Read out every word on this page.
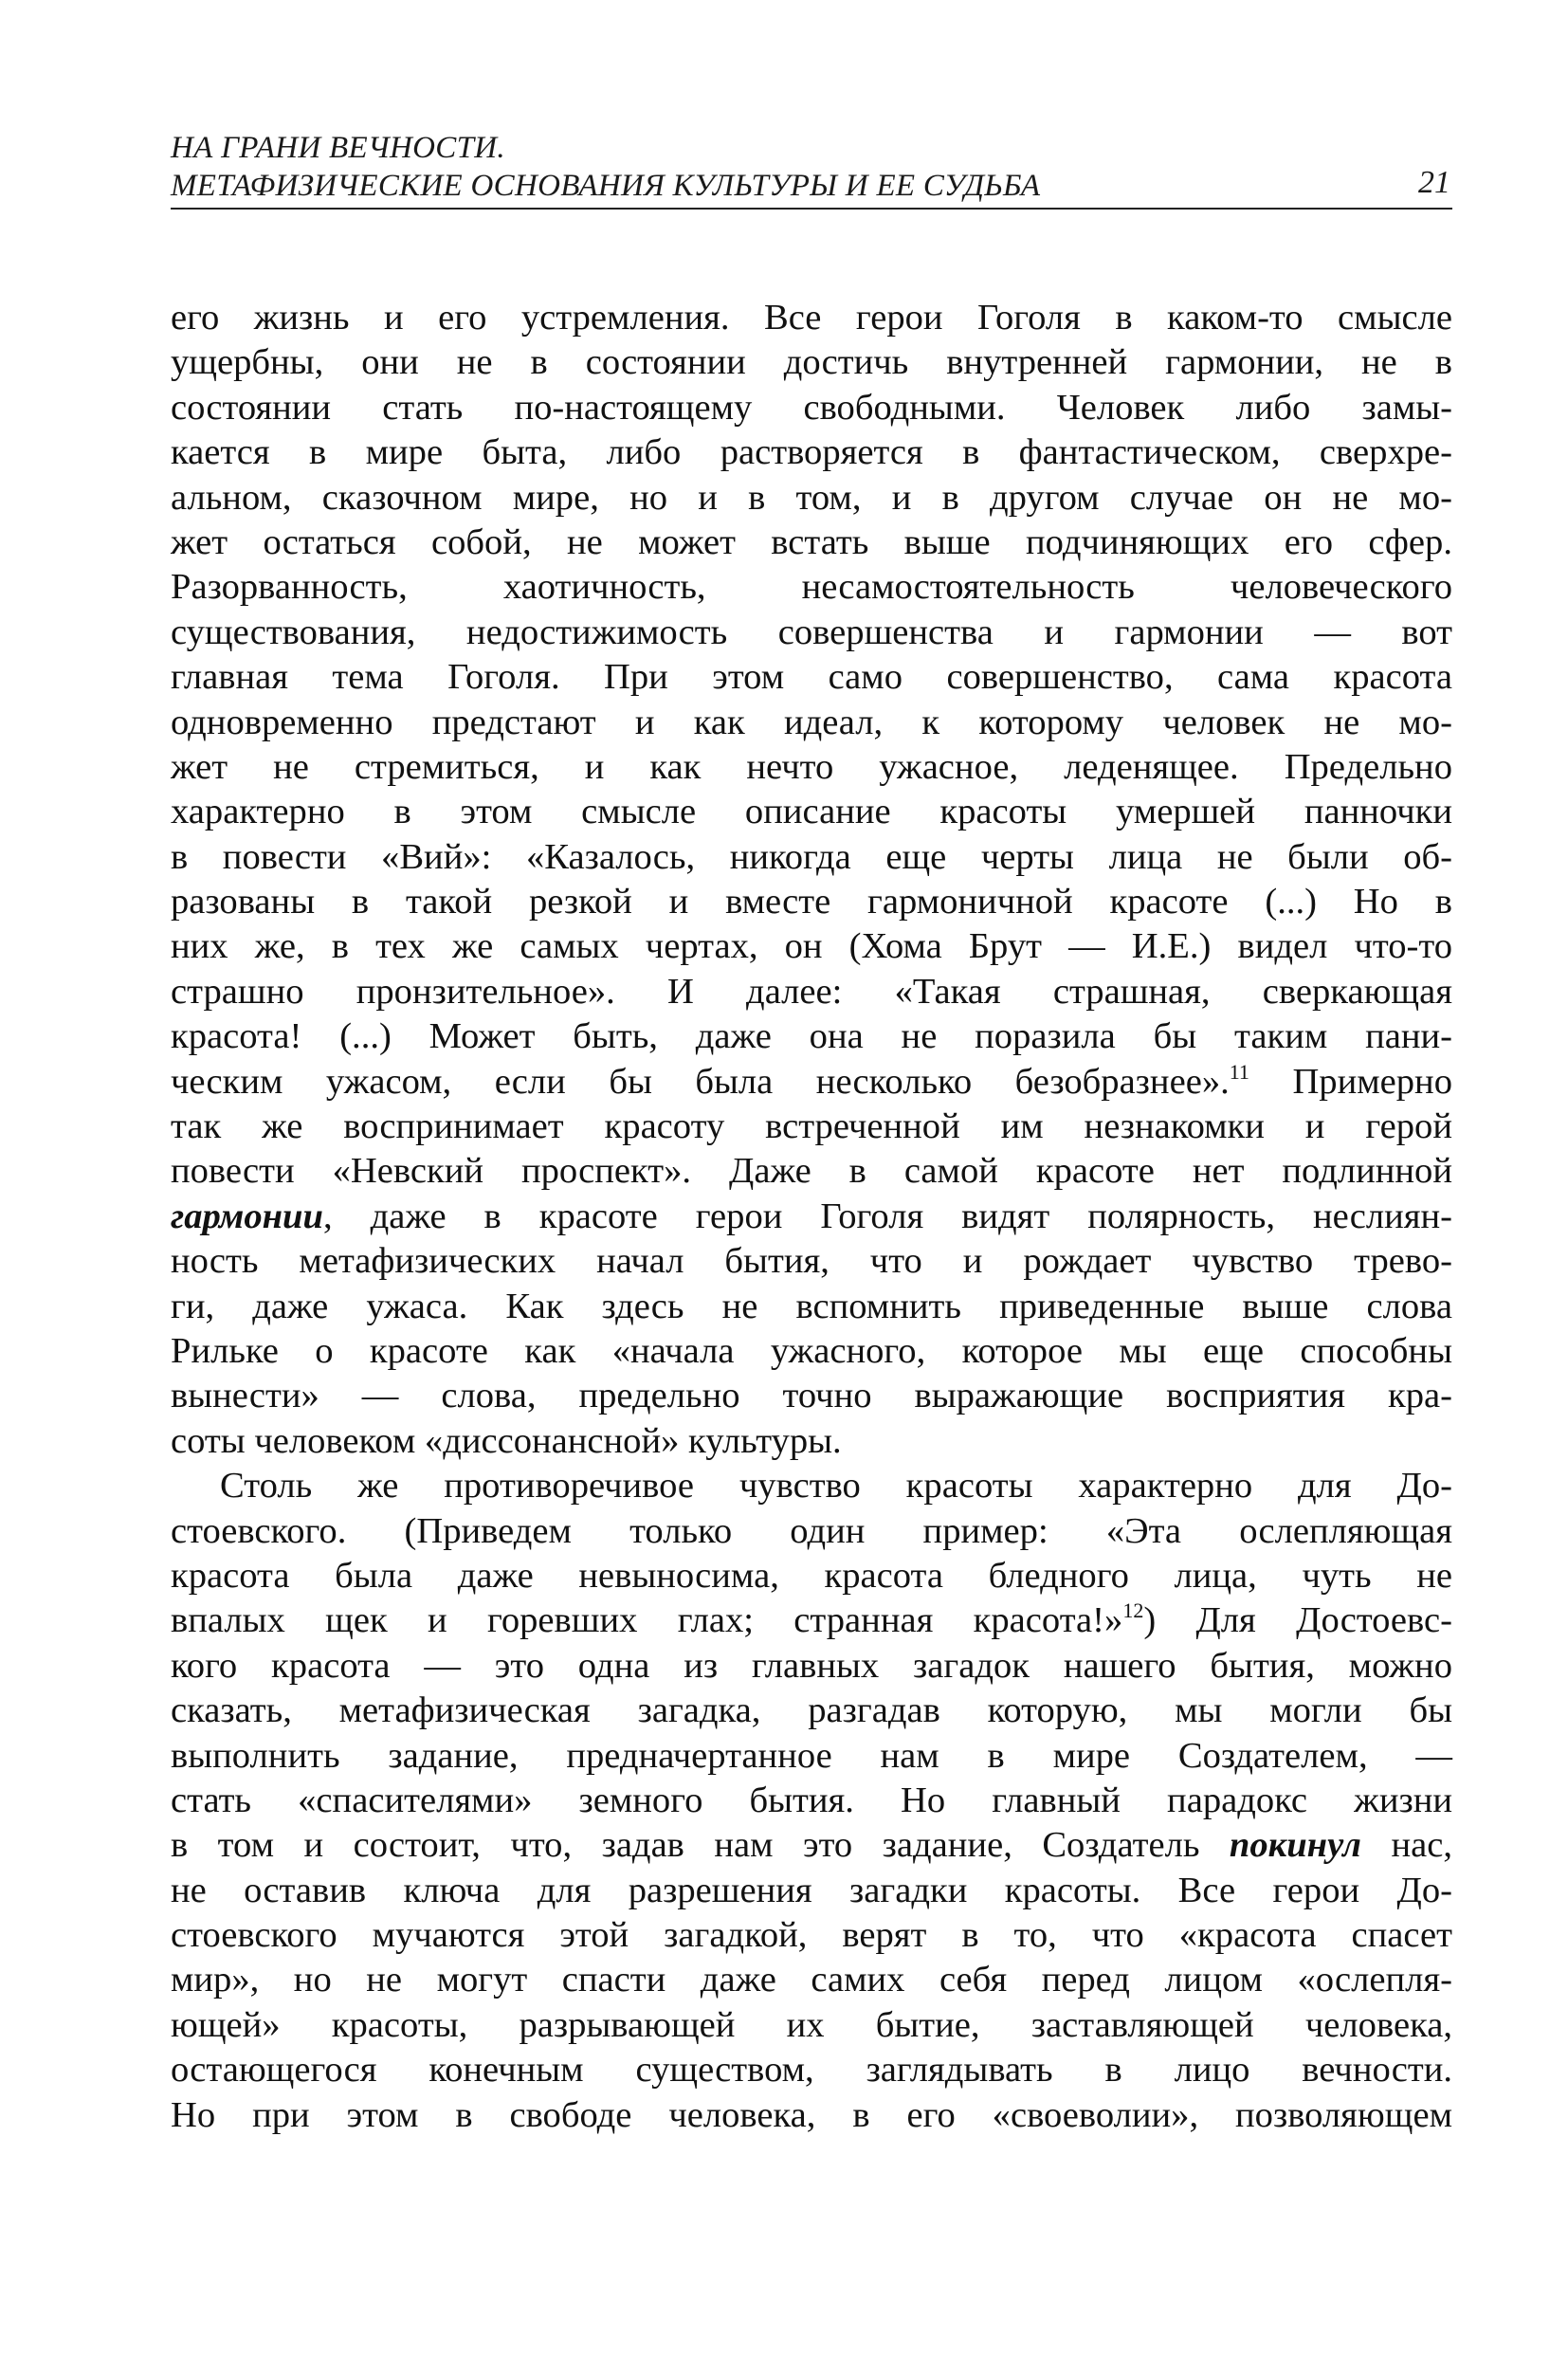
НА ГРАНИ ВЕЧНОСТИ.
МЕТАФИЗИЧЕСКИЕ ОСНОВАНИЯ КУЛЬТУРЫ И ЕЕ СУДЬБА	21
его жизнь и его устремления. Все герои Гоголя в каком-то смысле
ущербны, они не в состоянии достичь внутренней гармонии, не в
состоянии стать по-настоящему свободными. Человек либо замы-
кается в мире быта, либо растворяется в фантастическом, сверхре-
альном, сказочном мире, но и в том, и в другом случае он не мо-
жет остаться собой, не может встать выше подчиняющих его сфер.
Разорванность, хаотичность, несамостоятельность человеческого
существования, недостижимость совершенства и гармонии — вот
главная тема Гоголя. При этом само совершенство, сама красота
одновременно предстают и как идеал, к которому человек не мо-
жет не стремиться, и как нечто ужасное, леденящее. Предельно
характерно в этом смысле описание красоты умершей панночки
в повести «Вий»: «Казалось, никогда еще черты лица не были об-
разованы в такой резкой и вместе гармоничной красоте (...) Но в
них же, в тех же самых чертах, он (Хома Брут — И.Е.) видел что-то
страшно пронзительное». И далее: «Такая страшная, сверкающая
красота! (...) Может быть, даже она не поразила бы таким пани-
ческим ужасом, если бы была несколько безобразнее».$^{11}$ Примерно
так же воспринимает красоту встреченной им незнакомки и герой
повести «Невский проспект». Даже в самой красоте нет подлинной
гармонии, даже в красоте герои Гоголя видят полярность, неслиян-
ность метафизических начал бытия, что и рождает чувство трево-
ги, даже ужаса. Как здесь не вспомнить приведенные выше слова
Рильке о красоте как «начала ужасного, которое мы еще способны
вынести» — слова, предельно точно выражающие восприятия кра-
соты человеком «диссонансной» культуры.
Столь же противоречивое чувство красоты характерно для До-
стоевского. (Приведем только один пример: «Эта ослепляющая
красота была даже невыносима, красота бледного лица, чуть не
впалых щек и горевших глах; странная красота!»$^{12}$) Для Достоевс-
кого красота — это одна из главных загадок нашего бытия, можно
сказать, метафизическая загадка, разгадав которую, мы могли бы
выполнить задание, предначертанное нам в мире Создателем, —
стать «спасителями» земного бытия. Но главный парадокс жизни
в том и состоит, что, задав нам это задание, Создатель покинул нас,
не оставив ключа для разрешения загадки красоты. Все герои До-
стоевского мучаются этой загадкой, верят в то, что «красота спасет
мир», но не могут спасти даже самих себя перед лицом «ослепля-
ющей» красоты, разрывающей их бытие, заставляющей человека,
остающегося конечным существом, заглядывать в лицо вечности.
Но при этом в свободе человека, в его «своеволии», позволяющем
